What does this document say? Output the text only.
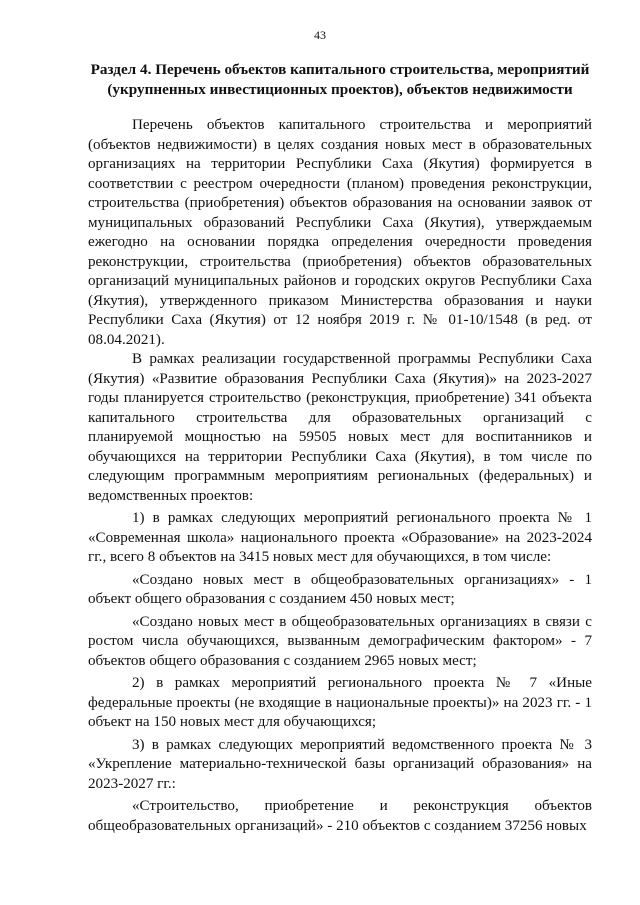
43
Раздел 4. Перечень объектов капитального строительства, мероприятий
(укрупненных инвестиционных проектов), объектов недвижимости

Перечень объектов капитального строительства и мероприятий (объектов недвижимости) в целях создания новых мест в образовательных организациях на территории Республики Саха (Якутия) формируется в соответствии с реестром очередности (планом) проведения реконструкции, строительства (приобретения) объектов образования на основании заявок от муниципальных образований Республики Саха (Якутия), утверждаемым ежегодно на основании порядка определения очередности проведения реконструкции, строительства (приобретения) объектов образовательных организаций муниципальных районов и городских округов Республики Саха (Якутия), утвержденного приказом Министерства образования и науки Республики Саха (Якутия) от 12 ноября 2019 г. № 01-10/1548 (в ред. от 08.04.2021).

В рамках реализации государственной программы Республики Саха (Якутия) «Развитие образования Республики Саха (Якутия)» на 2023-2027 годы планируется строительство (реконструкция, приобретение) 341 объекта капитального строительства для образовательных организаций с планируемой мощностью на 59505 новых мест для воспитанников и обучающихся на территории Республики Саха (Якутия), в том числе по следующим программным мероприятиям региональных (федеральных) и ведомственных проектов:

1) в рамках следующих мероприятий регионального проекта № 1 «Современная школа» национального проекта «Образование» на 2023-2024 гг., всего 8 объектов на 3415 новых мест для обучающихся, в том числе:

«Создано новых мест в общеобразовательных организациях» - 1 объект общего образования с созданием 450 новых мест;

«Создано новых мест в общеобразовательных организациях в связи с ростом числа обучающихся, вызванным демографическим фактором» - 7 объектов общего образования с созданием 2965 новых мест;

2) в рамках мероприятий регионального проекта № 7 «Иные федеральные проекты (не входящие в национальные проекты)» на 2023 гг. - 1 объект на 150 новых мест для обучающихся;

3) в рамках следующих мероприятий ведомственного проекта № 3 «Укрепление материально-технической базы организаций образования» на 2023-2027 гг.:

«Строительство, приобретение и реконструкция объектов общеобразовательных организаций» - 210 объектов с созданием 37256 новых
